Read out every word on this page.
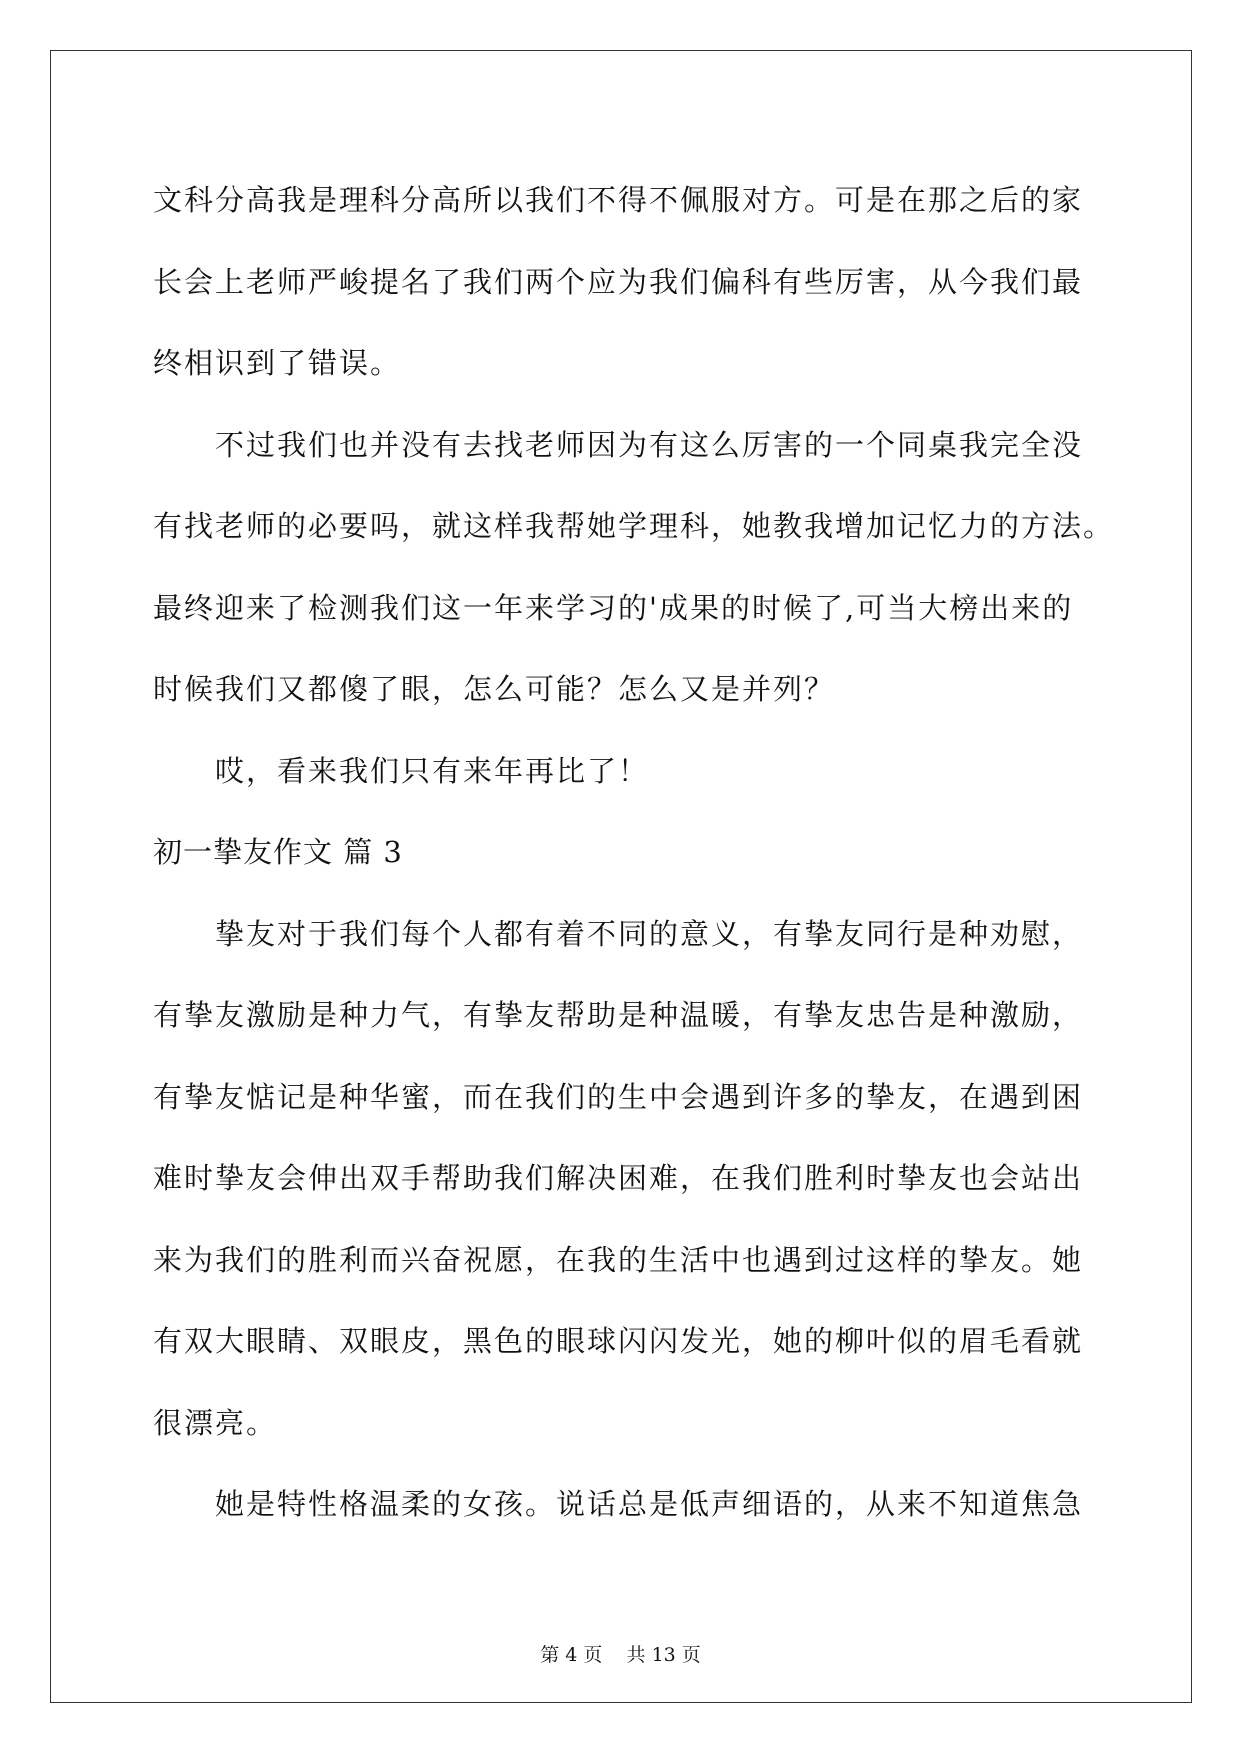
文科分高我是理科分高所以我们不得不佩服对方。可是在那之后的家
长会上老师严峻提名了我们两个应为我们偏科有些厉害，从今我们最
终相识到了错误。
不过我们也并没有去找老师因为有这么厉害的一个同桌我完全没
有找老师的必要吗，就这样我帮她学理科，她教我增加记忆力的方法。
最终迎来了检测我们这一年来学习的'成果的时候了,可当大榜出来的
时候我们又都傻了眼，怎么可能？怎么又是并列？
哎，看来我们只有来年再比了！
初一挚友作文 篇 3
挚友对于我们每个人都有着不同的意义，有挚友同行是种劝慰，
有挚友激励是种力气，有挚友帮助是种温暖，有挚友忠告是种激励，
有挚友惦记是种华蜜，而在我们的生中会遇到许多的挚友，在遇到困
难时挚友会伸出双手帮助我们解决困难，在我们胜利时挚友也会站出
来为我们的胜利而兴奋祝愿，在我的生活中也遇到过这样的挚友。她
有双大眼睛、双眼皮，黑色的眼球闪闪发光，她的柳叶似的眉毛看就
很漂亮。
她是特性格温柔的女孩。说话总是低声细语的，从来不知道焦急
第 4 页    共 13 页
